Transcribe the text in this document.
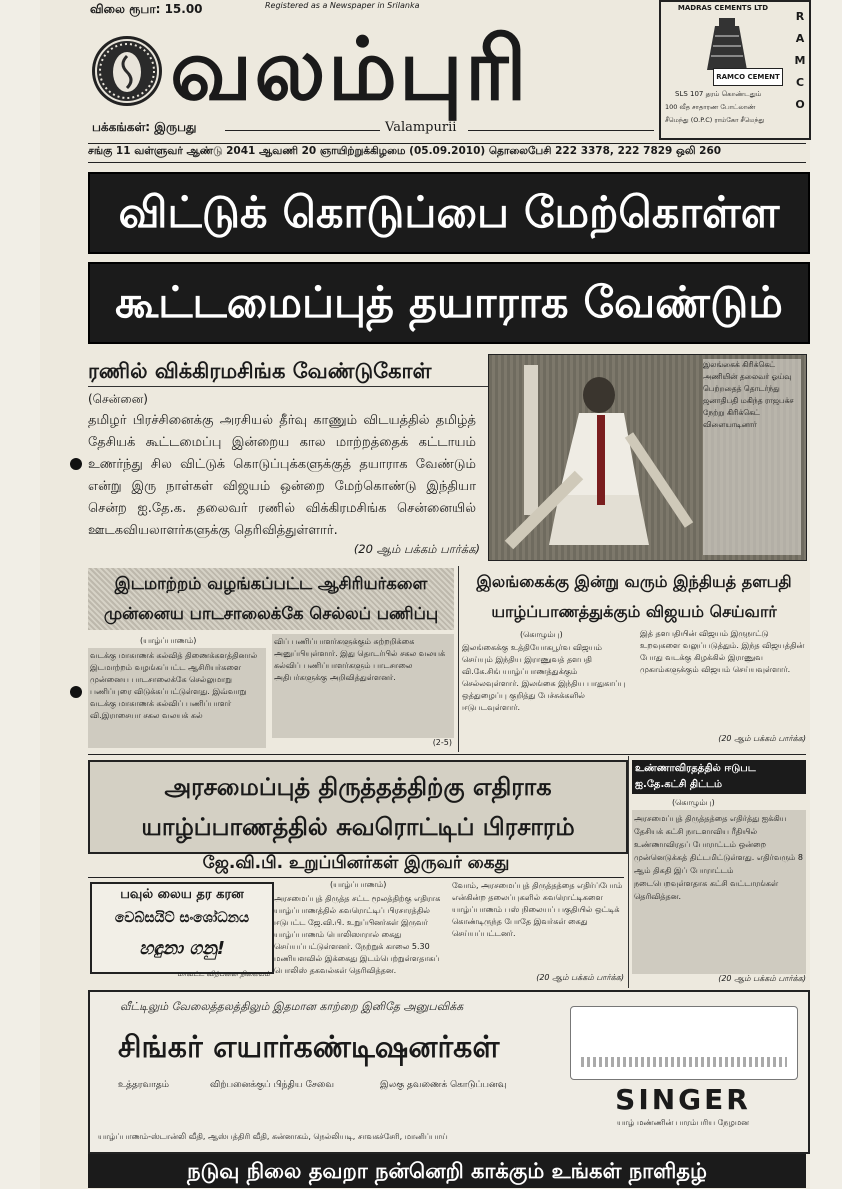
விலை ரூபா: 15.00	Registered as a Newspaper in Srilanka
வலம்புரி
பக்கங்கள்: இருபது	Valampurii
சங்கு 11 வள்ளுவர் ஆண்டு 2041 ஆவணி 20 ஞாயிற்றுக்கிழமை (05.09.2010) தொலைபேசி 222 3378, 222 7829 ஒலி 260
MADRAS CEMENTS LTD
RAMCO
RAMCO CEMENT
SLS 107 தரம் கொண்டதும்
100 வீத சாதாரண போட்லாண்
சீமெந்து (O.P.C) ராம்கோ சீமெந்து
விட்டுக் கொடுப்பை மேற்கொள்ள
கூட்டமைப்புத் தயாராக வேண்டும்
ரணில் விக்கிரமசிங்க வேண்டுகோள்
(சென்னை)
தமிழர் பிரச்சினைக்கு அரசியல் தீர்வு காணும் விடயத்தில் தமிழ்த் தேசியக் கூட்டமைப்பு இன்றைய கால மாற்றத்தைக் கட்டாயம் உணர்ந்து சில விட்டுக் கொடுப்புக்களுக்குத் தயாராக வேண்டும் என்று இரு நாள்கள் விஜயம் ஒன்றை மேற்கொண்டு இந்தியா சென்ற ஐ.தே.க. தலைவர் ரணில் விக்கிரமசிங்க சென்னையில் ஊடகவியலாளர்களுக்கு தெரிவித்துள்ளார்.
(20 ஆம் பக்கம் பார்க்க)
இலங்கைக் கிரிக்கெட் அணியின் தலைவர் ஓய்வு பெற்றதைத் தொடர்ந்து ஜனாதிபதி மகிந்த ராஜபக்ச நேற்று கிரிக்கெட் விளையாடினார்
இடமாற்றம் வழங்கப்பட்ட ஆசிரியர்களை
முன்னைய பாடசாலைக்கே செல்லப் பணிப்பு
(யாழ்ப்பாணம்)
வடக்கு மாகாணக் கல்வித் திணைக்களத்தினால் இடமாற்றம் வழங்கப்பட்ட ஆசிரியர்களை முன்னைய பாடசாலைக்கே செல்லுமாறு பணிப்புரை விடுக்கப்பட்டுள்ளது. இவ்வாறு வடக்கு மாகாணக் கல்விப் பணிப்பாளர் வி.இராசையா சகல வலயக் கல்
விப் பணிப்பாளர்களுக்கும் சுற்றறிக்கை அனுப்பியுள்ளார். இது தொடர்பில் சகல வலயக் கல்விப் பணிப்பாளர்களும் பாடசாலை அதிபர்களுக்கு அறிவித்துள்ளனர்.
(2-5)
இலங்கைக்கு இன்று வரும் இந்தியத் தளபதி
யாழ்ப்பாணத்துக்கும் விஜயம் செய்வார்
(கொழும்பு)
இலங்கைக்கு உத்தியோகபூர்வ விஜயம் செய்யும் இந்திய இராணுவத் தளபதி வி.கே.சிங் யாழ்ப்பாணத்துக்கும் செல்லவுள்ளார். இலங்கை இந்திய பாதுகாப்பு ஒத்துழைப்பு குறித்து பேச்சுக்களில் ஈடுபடவுள்ளார்.
இத் தளபதியின் விஜயம் இருநாட்டு உறவுகளை வலுப்படுத்தும். இந்த விஜயத்தின் போது வடக்கு கிழக்கில் இராணுவ முகாம்களுக்கும் விஜயம் செய்யவுள்ளார்.
(20 ஆம் பக்கம் பார்க்க)
அரசமைப்புத் திருத்தத்திற்கு எதிராக
யாழ்ப்பாணத்தில் சுவரொட்டிப் பிரசாரம்
ஜே.வி.பி. உறுப்பினர்கள் இருவர் கைது
பவுல் லைய தர கரன
වෙබ්සයිට් සංශෝධනය
හඳුනා ගනු!
மாவட்ட விற்பனை நிலையம்
(யாழ்ப்பாணம்)
அரசமைப்புத் திருத்த சட்ட மூலத்திற்கு எதிராக யாழ்ப்பாணத்தில் சுவரொட்டிப் பிரசாரத்தில் ஈடுபட்ட ஜே.வி.பி. உறுப்பினர்கள் இருவர் யாழ்ப்பாணம் பொலிஸாரால் கைது செய்யப்பட்டுள்ளனர். நேற்றுக் காலை 5.30 மணியளவில் இக்கைது இடம்பெற்றுள்ளதாகப் பொலிஸ் தகவல்கள் தெரிவித்தன.
வோம், அரசமைப்புத் திருத்தத்தை எதிர்ப்போம் என்கின்ற தலைப்புகளில் சுவரொட்டிகளை யாழ்ப்பாணம் பஸ் நிலையப் பகுதியில் ஒட்டிக் கொண்டிருந்த போதே இவர்கள் கைது செய்யப்பட்டனர்.
(20 ஆம் பக்கம் பார்க்க)
உண்ணாவிரதத்தில் ஈடுபட ஐ.தே.கட்சி திட்டம்
(கொழும்பு)
அரசமைப்புத் திருத்தத்தை எதிர்த்து ஐக்கிய தேசியக் கட்சி நாடளாவிய ரீதியில் உண்ணாவிரதப் போராட்டம் ஒன்றை முன்னெடுக்கத் திட்டமிட்டுள்ளது. எதிர்வரும் 8 ஆம் திகதி இப் போராட்டம் நடைபெறவுள்ளதாக கட்சி வட்டாரங்கள் தெரிவித்தன.
(20 ஆம் பக்கம் பார்க்க)
வீட்டிலும் வேலைத்தலத்திலும் இதமான காற்றை இனிதே அனுபவிக்க
சிங்கர் எயார்கண்டிஷனர்கள்
உத்தரவாதம்	விற்பனைக்குப் பிந்திய சேவை	இலகு தவணைக் கொடுப்பனவு	SINGER
யாழ் மண்ணின் பாரம்பரிய நேழமன
யாழ்ப்பாணம்-ஸ்டான்லி வீதி, ஆஸ்பத்திரி வீதி, கன்னாகம், நெல்லியடி, சாவகச்சேரி, மானிப்பாய்
நடுவு நிலை தவறா நன்னெறி காக்கும் உங்கள் நாளிதழ்
